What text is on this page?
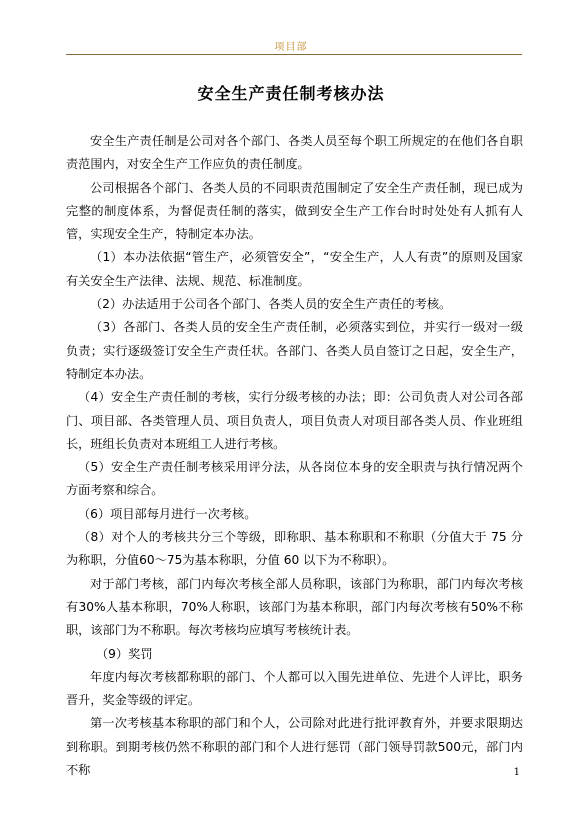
项目部
安全生产责任制考核办法

安全生产责任制是公司对各个部门、各类人员至每个职工所规定的在他们各自职责范围内，对安全生产工作应负的责任制度。

公司根据各个部门、各类人员的不同职责范围制定了安全生产责任制，现已成为完整的制度体系，为督促责任制的落实，做到安全生产工作台时时处处有人抓有人管，实现安全生产，特制定本办法。

（1）本办法依据“管生产，必须管安全”，“安全生产，人人有责”的原则及国家有关安全生产法律、法规、规范、标准制度。

（2）办法适用于公司各个部门、各类人员的安全生产责任的考核。

（3）各部门、各类人员的安全生产责任制，必须落实到位，并实行一级对一级负责；实行逐级签订安全生产责任状。各部门、各类人员自签订之日起，安全生产，特制定本办法。

（4）安全生产责任制的考核，实行分级考核的办法；即：公司负责人对公司各部门、项目部、各类管理人员、项目负责人，项目负责人对项目部各类人员、作业班组长，班组长负责对本班组工人进行考核。

（5）安全生产责任制考核采用评分法，从各岗位本身的安全职责与执行情况两个方面考察和综合。

（6）项目部每月进行一次考核。

（8）对个人的考核共分三个等级，即称职、基本称职和不称职（分值大于 75 分为称职，分值60～75为基本称职，分值 60 以下为不称职）。

对于部门考核，部门内每次考核全部人员称职，该部门为称职，部门内每次考核有30%人基本称职，70%人称职，该部门为基本称职，部门内每次考核有50%不称职，该部门为不称职。每次考核均应填写考核统计表。

（9）奖罚

年度内每次考核都称职的部门、个人都可以入围先进单位、先进个人评比，职务晋升，奖金等级的评定。

第一次考核基本称职的部门和个人，公司除对此进行批评教育外，并要求限期达到称职。到期考核仍然不称职的部门和个人进行惩罚（部门领导罚款500元，部门内不称	1
